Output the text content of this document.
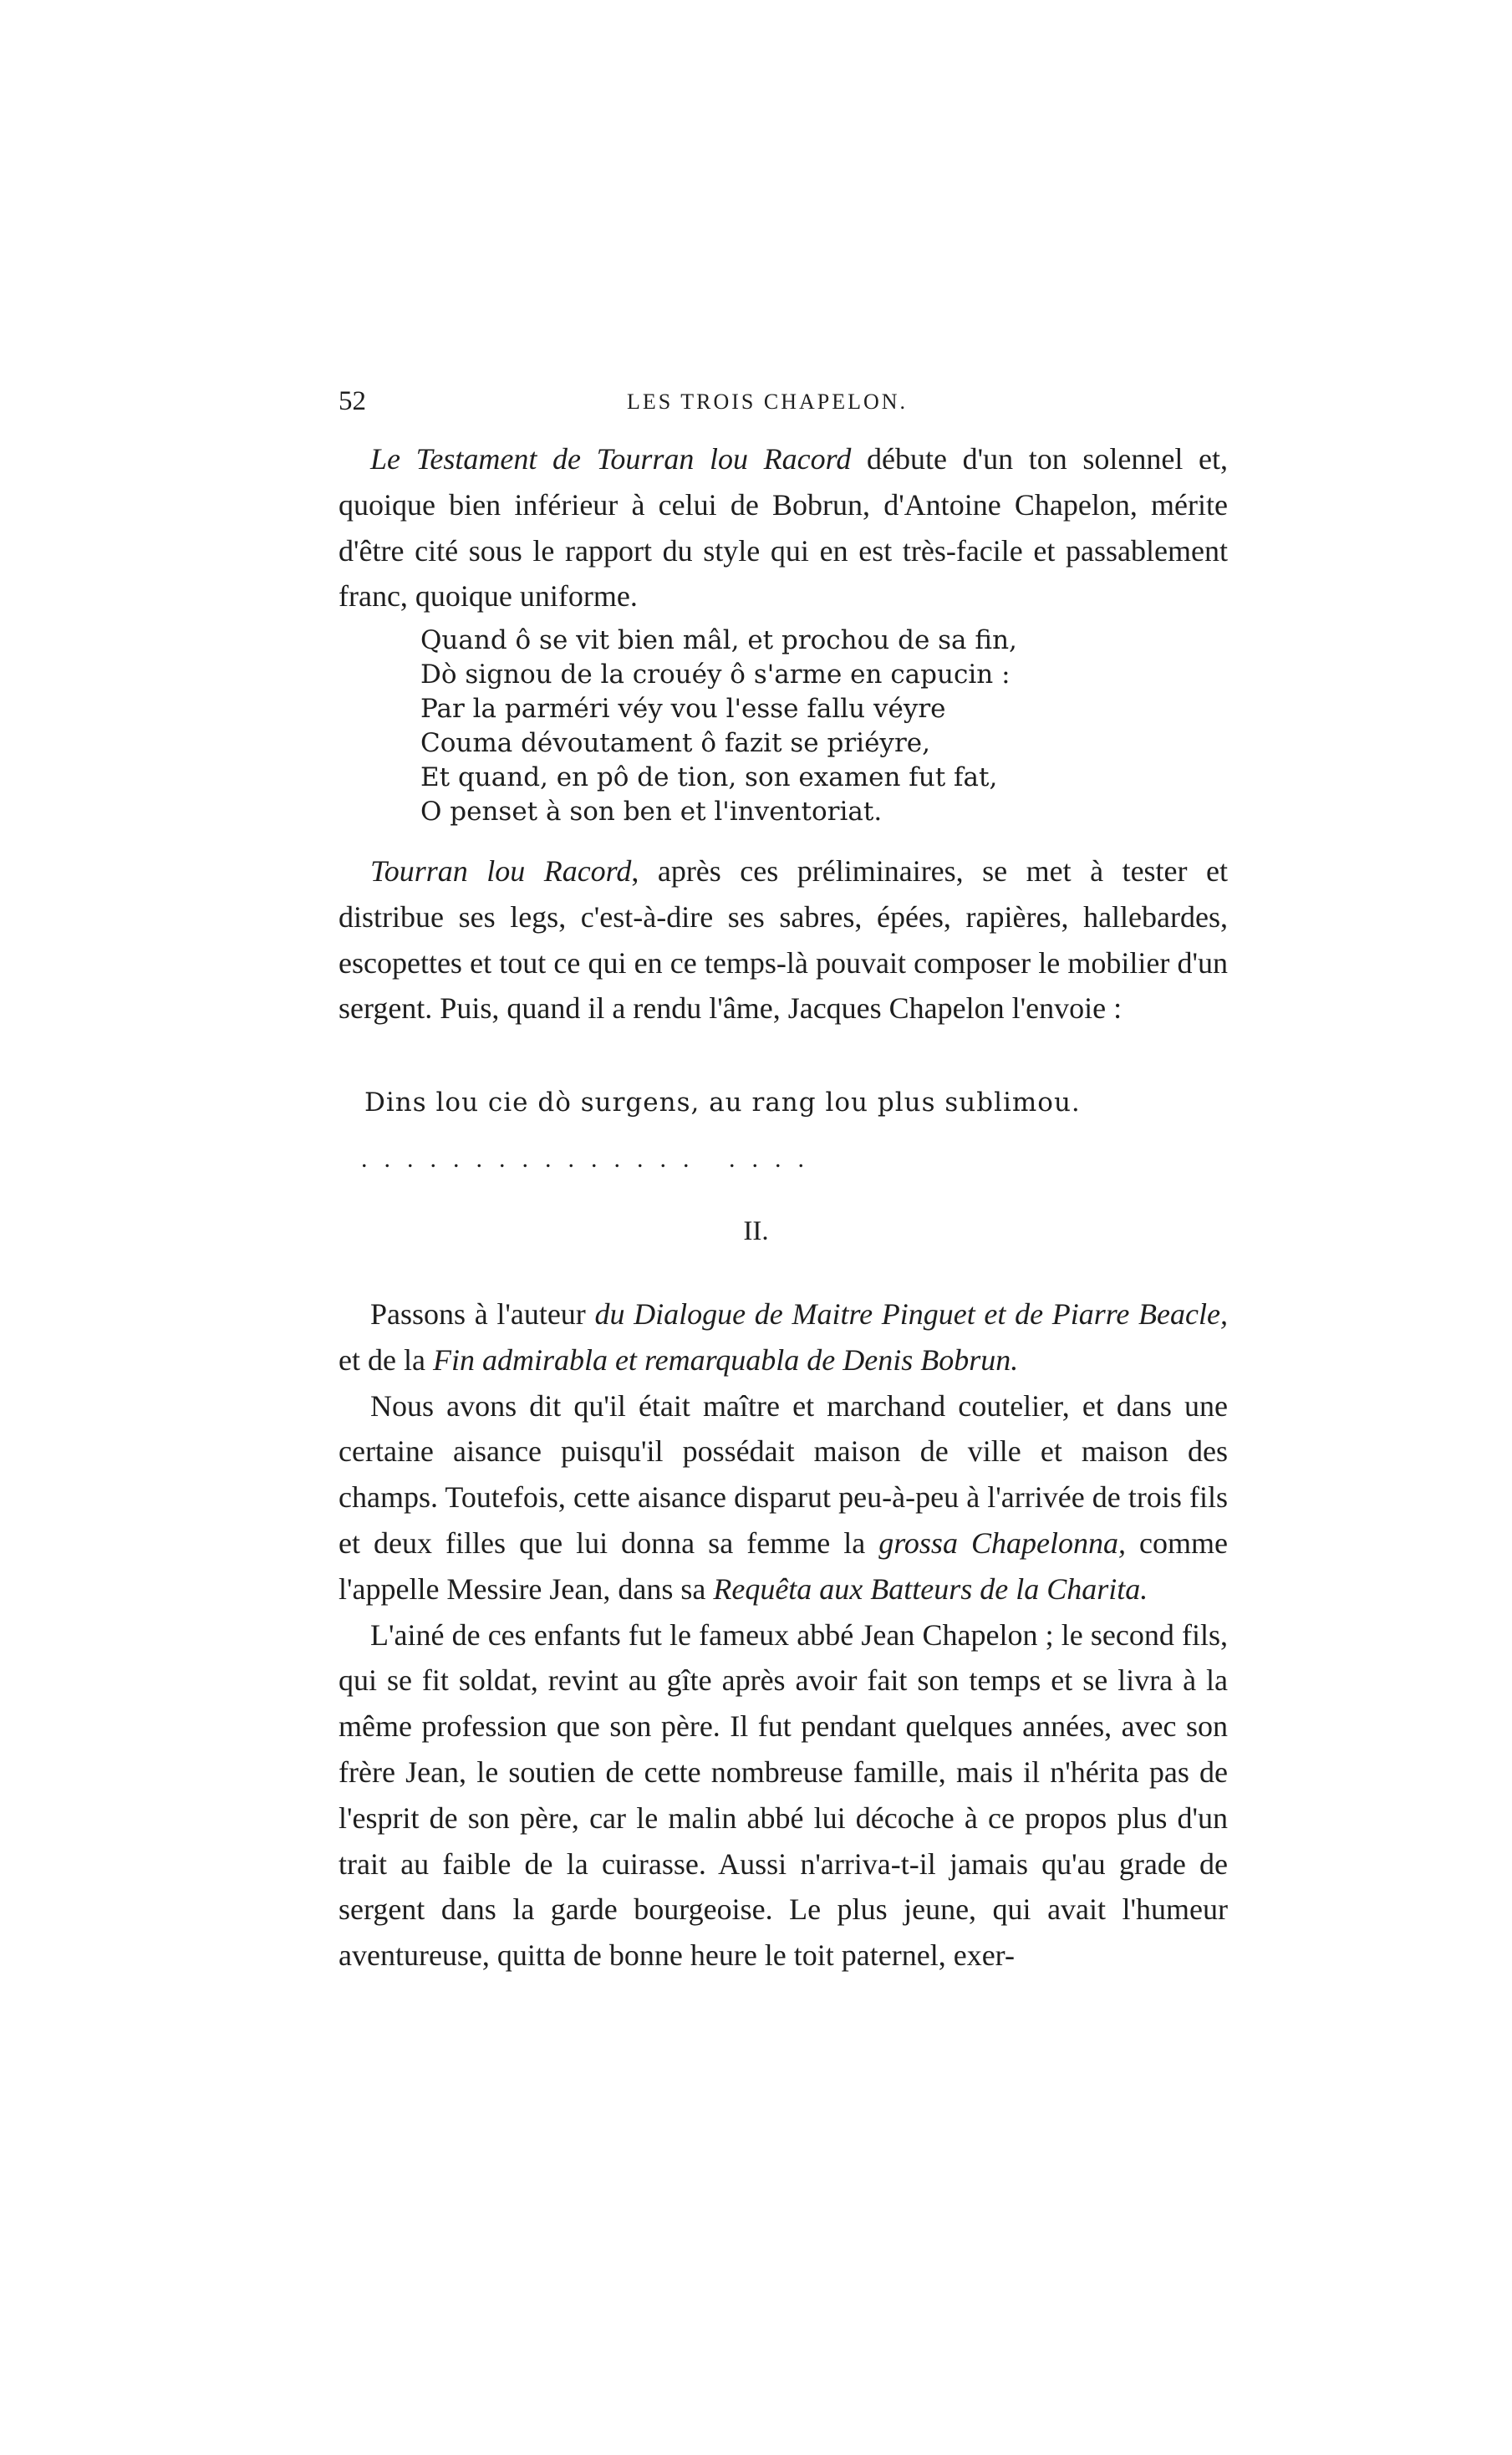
52	LES TROIS CHAPELON.

Le Testament de Tourran lou Racord débute d'un ton solennel et, quoique bien inférieur à celui de Bobrun, d'Antoine Chapelon, mérite d'être cité sous le rapport du style qui en est très-facile et passablement franc, quoique uniforme.

Quand ô se vit bien mâl, et prochou de sa fin,
Dò signou de la crouéy ô s'arme en capucin :
Par la parméri véy vou l'esse fallu véyre
Couma dévoutament ô fazit se priéyre,
Et quand, en pô de tion, son examen fut fat,
O penset à son ben et l'inventoriat.

Tourran lou Racord, après ces préliminaires, se met à tester et distribue ses legs, c'est-à-dire ses sabres, épées, rapières, hallebardes, escopettes et tout ce qui en ce temps-là pouvait composer le mobilier d'un sergent. Puis, quand il a rendu l'âme, Jacques Chapelon l'envoie :

Dins lou cie dò surgens, au rang lou plus sublimou.
............... ....
II.

Passons à l'auteur du Dialogue de Maitre Pinguet et de Piarre Beacle, et de la Fin admirabla et remarquabla de Denis Bobrun.

Nous avons dit qu'il était maître et marchand coutelier, et dans une certaine aisance puisqu'il possédait maison de ville et maison des champs. Toutefois, cette aisance disparut peu-à-peu à l'arrivée de trois fils et deux filles que lui donna sa femme la grossa Chapelonna, comme l'appelle Messire Jean, dans sa Requêta aux Batteurs de la Charita.

L'ainé de ces enfants fut le fameux abbé Jean Chapelon ; le second fils, qui se fit soldat, revint au gîte après avoir fait son temps et se livra à la même profession que son père. Il fut pendant quelques années, avec son frère Jean, le soutien de cette nombreuse famille, mais il n'hérita pas de l'esprit de son père, car le malin abbé lui décoche à ce propos plus d'un trait au faible de la cuirasse. Aussi n'arriva-t-il jamais qu'au grade de sergent dans la garde bourgeoise. Le plus jeune, qui avait l'humeur aventureuse, quitta de bonne heure le toit paternel, exer-
